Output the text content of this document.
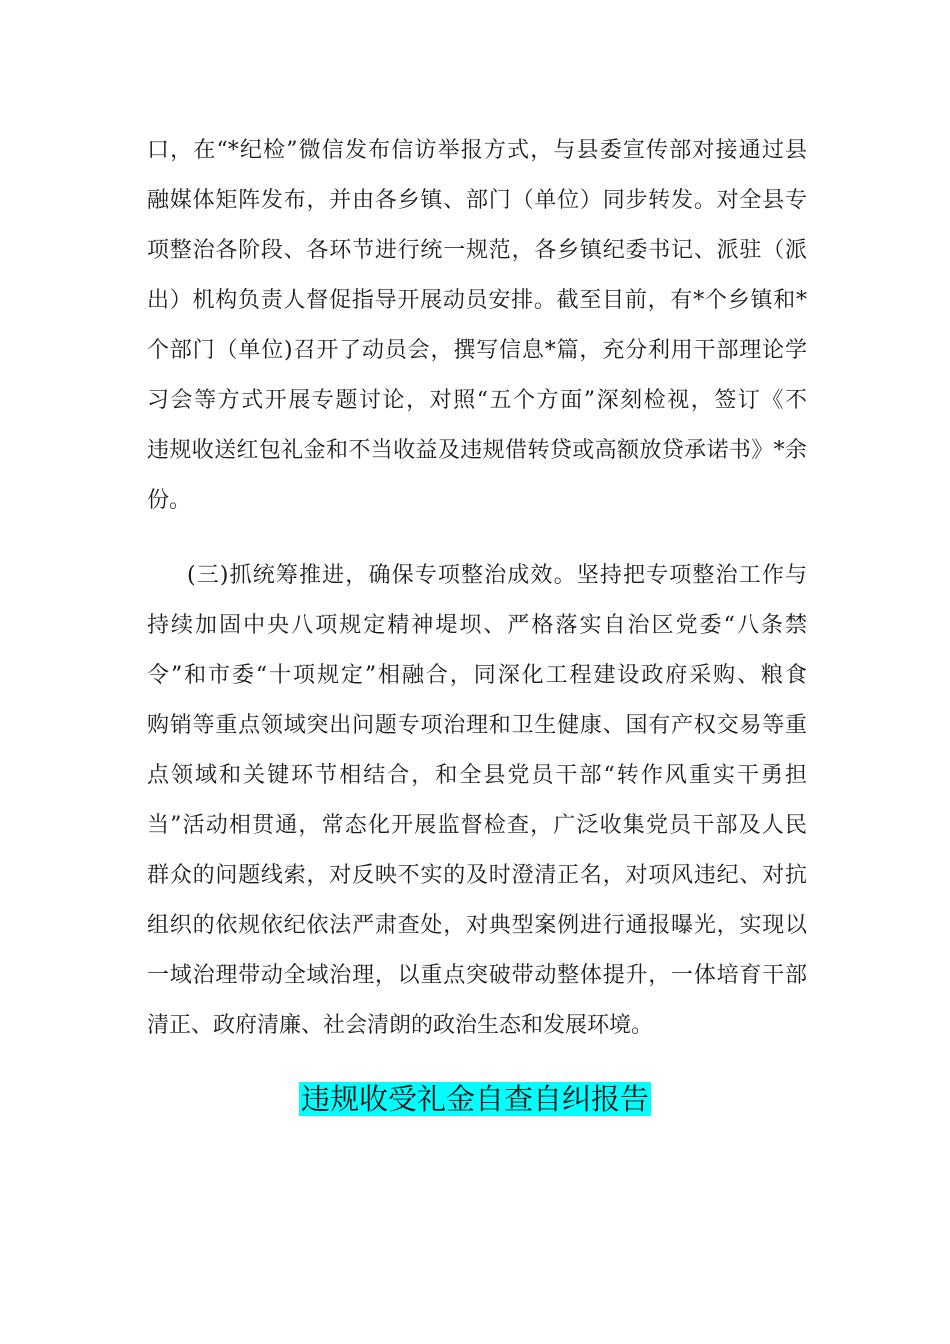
口，在“*纪检”微信发布信访举报方式，与县委宣传部对接通过县
融媒体矩阵发布，并由各乡镇、部门（单位）同步转发。对全县专
项整治各阶段、各环节进行统一规范，各乡镇纪委书记、派驻（派
出）机构负责人督促指导开展动员安排。截至目前，有*个乡镇和*
个部门（单位)召开了动员会，撰写信息*篇，充分利用干部理论学
习会等方式开展专题讨论，对照“五个方面”深刻检视，签订《不
违规收送红包礼金和不当收益及违规借转贷或高额放贷承诺书》*余
份。
(三)抓统筹推进，确保专项整治成效。坚持把专项整治工作与
持续加固中央八项规定精神堤坝、严格落实自治区党委“八条禁
令”和市委“十项规定”相融合，同深化工程建设政府采购、粮食
购销等重点领域突出问题专项治理和卫生健康、国有产权交易等重
点领域和关键环节相结合，和全县党员干部“转作风重实干勇担
当”活动相贯通，常态化开展监督检查，广泛收集党员干部及人民
群众的问题线索，对反映不实的及时澄清正名，对项风违纪、对抗
组织的依规依纪依法严肃查处，对典型案例进行通报曝光，实现以
一域治理带动全域治理，以重点突破带动整体提升，一体培育干部
清正、政府清廉、社会清朗的政治生态和发展环境。
违规收受礼金自查自纠报告
